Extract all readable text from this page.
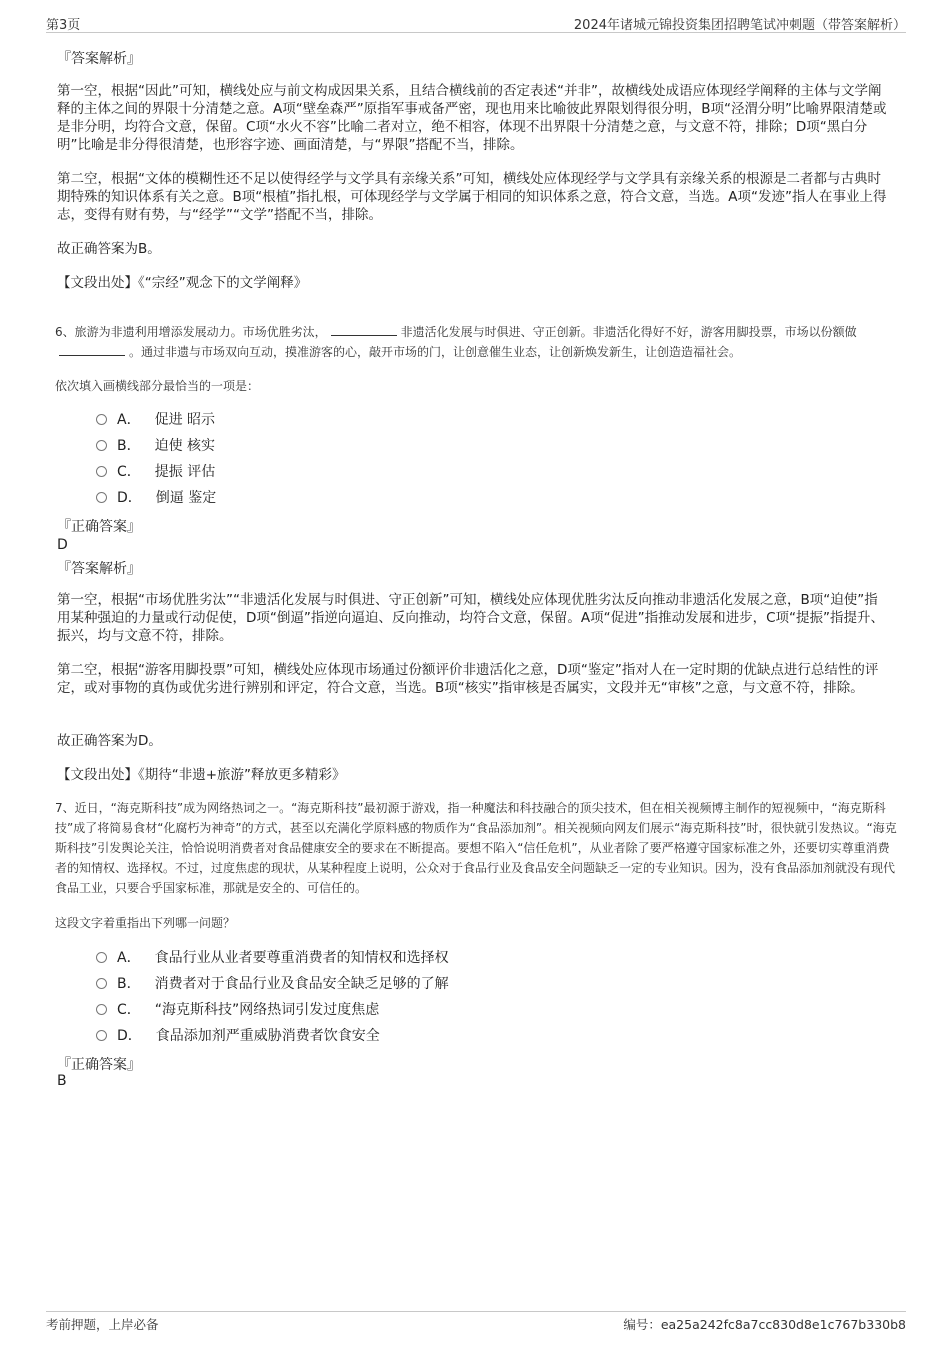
第3页	2024年诸城元锦投资集团招聘笔试冲刺题（带答案解析）
『答案解析』
第一空，根据“因此”可知，横线处应与前文构成因果关系，且结合横线前的否定表述“并非”，故横线处成语应体现经学阐释的主体与文学阐释的主体之间的界限十分清楚之意。A项“壁垒森严”原指军事戒备严密，现也用来比喻彼此界限划得很分明，B项“泾渭分明”比喻界限清楚或是非分明，均符合文意，保留。C项“水火不容”比喻二者对立，绝不相容，体现不出界限十分清楚之意，与文意不符，排除；D项“黑白分明”比喻是非分得很清楚，也形容字迹、画面清楚，与“界限”搭配不当，排除。
第二空，根据“文体的模糊性还不足以使得经学与文学具有亲缘关系”可知，横线处应体现经学与文学具有亲缘关系的根源是二者都与古典时期特殊的知识体系有关之意。B项“根植”指扎根，可体现经学与文学属于相同的知识体系之意，符合文意，当选。A项“发迹”指人在事业上得志，变得有财有势，与“经学”“文学”搭配不当，排除。
故正确答案为B。
【文段出处】《“宗经”观念下的文学阐释》
6、旅游为非遗利用增添发展动力。市场优胜劣汰，	非遗活化发展与时俱进、守正创新。非遗活化得好不好，游客用脚投票，市场以份额做。通过非遗与市场双向互动，摸准游客的心，敲开市场的门，让创意催生业态，让创新焕发新生，让创造造福社会。
依次填入画横线部分最恰当的一项是：
A． 促进 昭示
B． 迫使 核实
C． 提振 评估
D． 倒逼 鉴定
『正确答案』
D
『答案解析』
第一空，根据“市场优胜劣汰”“非遗活化发展与时俱进、守正创新”可知，横线处应体现优胜劣汰反向推动非遗活化发展之意，B项“迫使”指用某种强迫的力量或行动促使，D项“倒逼”指逆向逼迫、反向推动，均符合文意，保留。A项“促进”指推动发展和进步，C项“提振”指提升、振兴，均与文意不符，排除。
第二空，根据“游客用脚投票”可知，横线处应体现市场通过份额评价非遗活化之意，D项“鉴定”指对人在一定时期的优缺点进行总结性的评定，或对事物的真伪或优劣进行辨别和评定，符合文意，当选。B项“核实”指审核是否属实，文段并无“审核”之意，与文意不符，排除。
故正确答案为D。
【文段出处】《期待“非遗+旅游”释放更多精彩》
7、近日，“海克斯科技”成为网络热词之一。“海克斯科技”最初源于游戏，指一种魔法和科技融合的顶尖技术，但在相关视频博主制作的短视频中，“海克斯科技”成了将简易食材“化腐朽为神奇”的方式，甚至以充满化学原料感的物质作为“食品添加剂”。相关视频向网友们展示“海克斯科技”时，很快就引发热议。“海克斯科技”引发舆论关注，恰恰说明消费者对食品健康安全的要求在不断提高。要想不陷入“信任危机”，从业者除了要严格遵守国家标准之外，还要切实尊重消费者的知情权、选择权。不过，过度焦虑的现状，从某种程度上说明，公众对于食品行业及食品安全问题缺乏一定的专业知识。因为，没有食品添加剂就没有现代食品工业，只要合乎国家标准，那就是安全的、可信任的。
这段文字着重指出下列哪一问题？
A． 食品行业从业者要尊重消费者的知情权和选择权
B． 消费者对于食品行业及食品安全缺乏足够的了解
C． “海克斯科技”网络热词引发过度焦虑
D． 食品添加剂严重威胁消费者饮食安全
『正确答案』
B
考前押题，上岸必备	编号：ea25a242fc8a7cc830d8e1c767b330b8
